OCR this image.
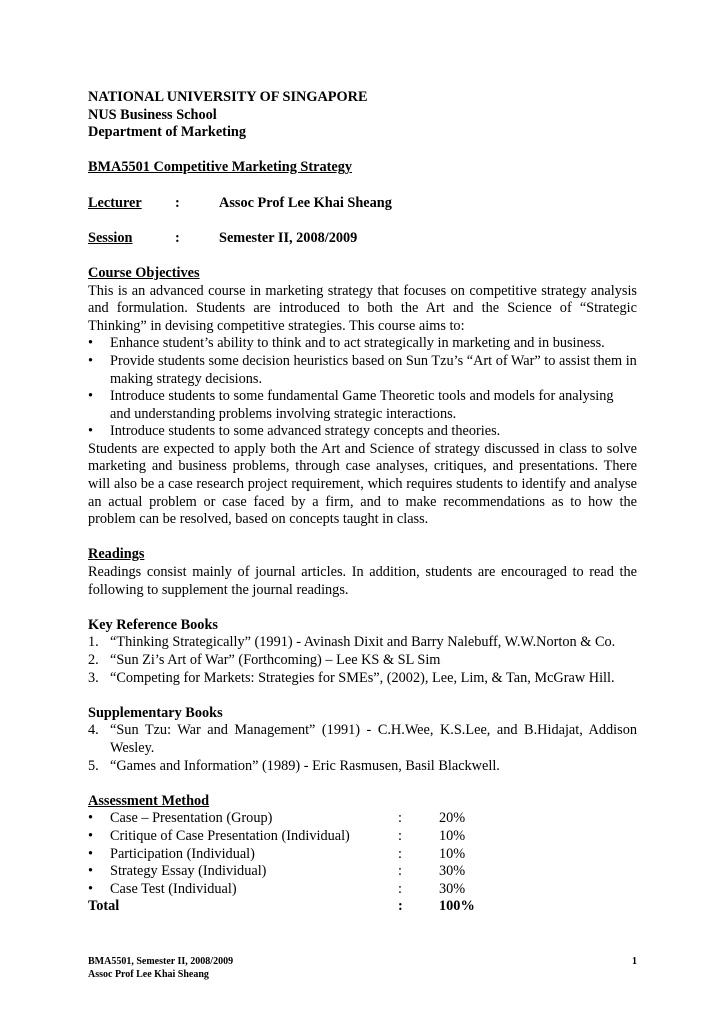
NATIONAL UNIVERSITY OF SINGAPORE
NUS Business School
Department of Marketing
BMA5501 Competitive Marketing Strategy
Lecturer	:	Assoc Prof Lee Khai Sheang
Session	:	Semester II, 2008/2009
Course Objectives
This is an advanced course in marketing strategy that focuses on competitive strategy analysis and formulation. Students are introduced to both the Art and the Science of “Strategic Thinking” in devising competitive strategies. This course aims to:
• Enhance student’s ability to think and to act strategically in marketing and in business.
• Provide students some decision heuristics based on Sun Tzu’s “Art of War” to assist them in making strategy decisions.
• Introduce students to some fundamental Game Theoretic tools and models for analysing and understanding problems involving strategic interactions.
• Introduce students to some advanced strategy concepts and theories.
Students are expected to apply both the Art and Science of strategy discussed in class to solve marketing and business problems, through case analyses, critiques, and presentations. There will also be a case research project requirement, which requires students to identify and analyse an actual problem or case faced by a firm, and to make recommendations as to how the problem can be resolved, based on concepts taught in class.
Readings
Readings consist mainly of journal articles. In addition, students are encouraged to read the following to supplement the journal readings.
Key Reference Books
1. “Thinking Strategically” (1991) - Avinash Dixit and Barry Nalebuff, W.W.Norton & Co.
2. “Sun Zi’s Art of War” (Forthcoming) – Lee KS & SL Sim
3. “Competing for Markets: Strategies for SMEs”, (2002), Lee, Lim, & Tan, McGraw Hill.
Supplementary Books
4. “Sun Tzu: War and Management” (1991) - C.H.Wee, K.S.Lee, and B.Hidajat, Addison Wesley.
5. “Games and Information” (1989) - Eric Rasmusen, Basil Blackwell.
Assessment Method
•	Case – Presentation (Group)	:	20%
•	Critique of Case Presentation (Individual)	:	10%
•	Participation (Individual)	:	10%
•	Strategy Essay (Individual)	:	30%
•	Case Test (Individual)	:	30%
Total	:	100%
BMA5501, Semester II, 2008/2009
Assoc Prof Lee Khai Sheang
1
